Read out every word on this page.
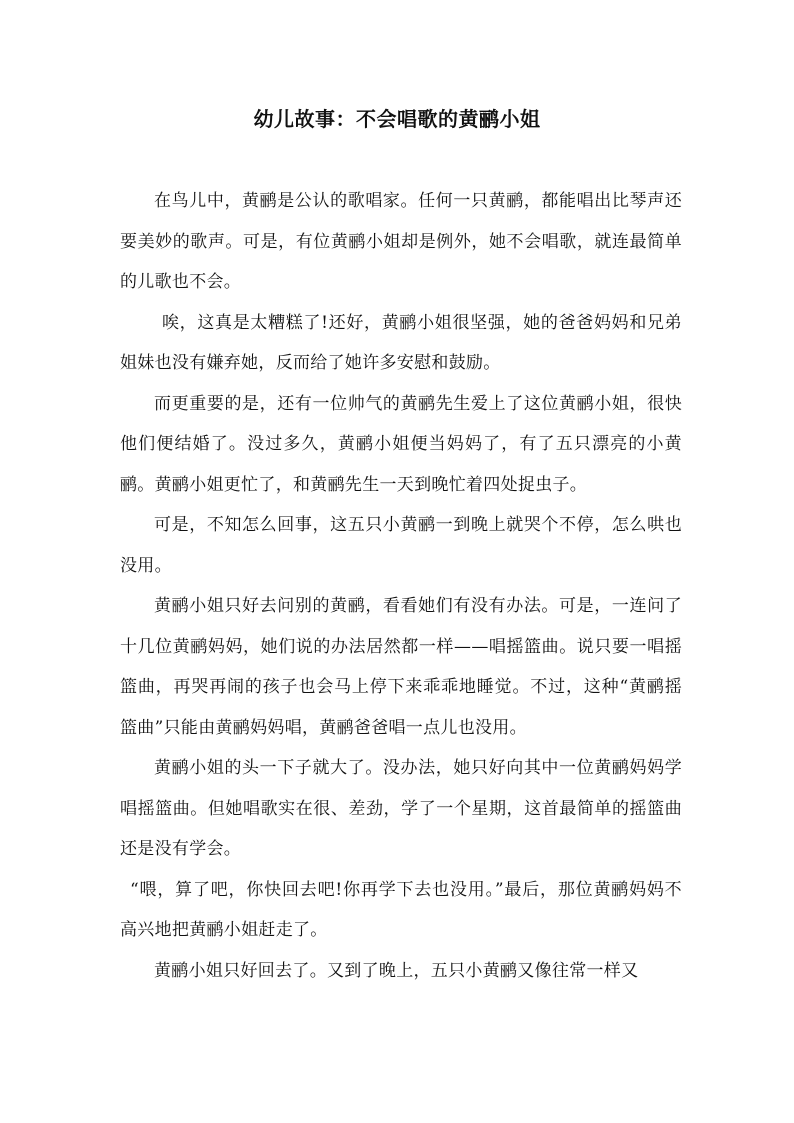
幼儿故事：不会唱歌的黄鹂小姐

在鸟儿中，黄鹂是公认的歌唱家。任何一只黄鹂，都能唱出比琴声还要美妙的歌声。可是，有位黄鹂小姐却是例外，她不会唱歌，就连最简单的儿歌也不会。

唉，这真是太糟糕了!还好，黄鹂小姐很坚强，她的爸爸妈妈和兄弟姐妹也没有嫌弃她，反而给了她许多安慰和鼓励。

而更重要的是，还有一位帅气的黄鹂先生爱上了这位黄鹂小姐，很快他们便结婚了。没过多久，黄鹂小姐便当妈妈了，有了五只漂亮的小黄鹂。黄鹂小姐更忙了，和黄鹂先生一天到晚忙着四处捉虫子。

可是，不知怎么回事，这五只小黄鹂一到晚上就哭个不停，怎么哄也没用。

黄鹂小姐只好去问别的黄鹂，看看她们有没有办法。可是，一连问了十几位黄鹂妈妈，她们说的办法居然都一样——唱摇篮曲。说只要一唱摇篮曲，再哭再闹的孩子也会马上停下来乖乖地睡觉。不过，这种“黄鹂摇篮曲”只能由黄鹂妈妈唱，黄鹂爸爸唱一点儿也没用。

黄鹂小姐的头一下子就大了。没办法，她只好向其中一位黄鹂妈妈学唱摇篮曲。但她唱歌实在很、差劲，学了一个星期，这首最简单的摇篮曲还是没有学会。

“喂，算了吧，你快回去吧!你再学下去也没用。”最后，那位黄鹂妈妈不高兴地把黄鹂小姐赶走了。

黄鹂小姐只好回去了。又到了晚上，五只小黄鹂又像往常一样又
